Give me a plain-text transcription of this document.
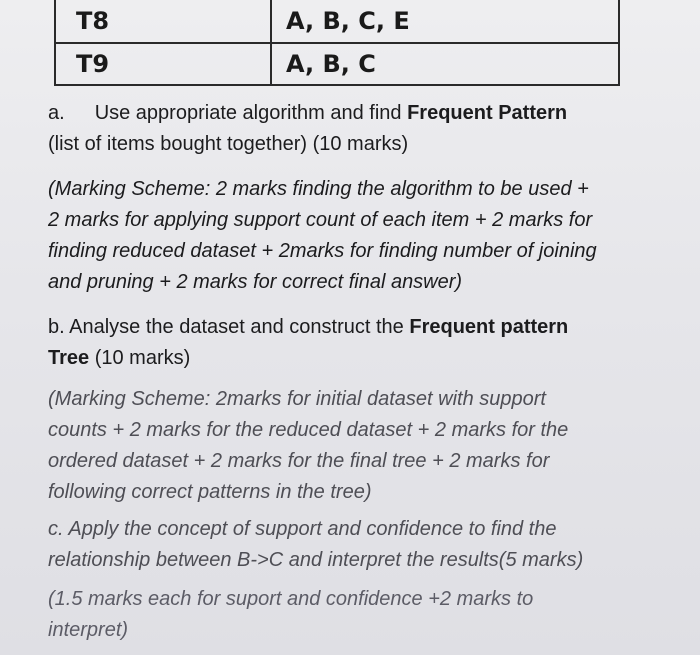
T8	A, B, C, E
T9	A, B, C
a. Use appropriate algorithm and find Frequent Pattern
(list of items bought together) (10 marks)
(Marking Scheme: 2 marks finding the algorithm to be used +
2 marks for applying support count of each item + 2 marks for
finding reduced dataset + 2marks for finding number of joining
and pruning + 2 marks for correct final answer)
b. Analyse the dataset and construct the Frequent pattern
Tree (10 marks)
(Marking Scheme: 2marks for initial dataset with support
counts + 2 marks for the reduced dataset + 2 marks for the
ordered dataset + 2 marks for the final tree + 2 marks for
following correct patterns in the tree)
c. Apply the concept of support and confidence to find the
relationship between B->C and interpret the results(5 marks)
(1.5 marks each for suport and confidence +2 marks to
interpret)
